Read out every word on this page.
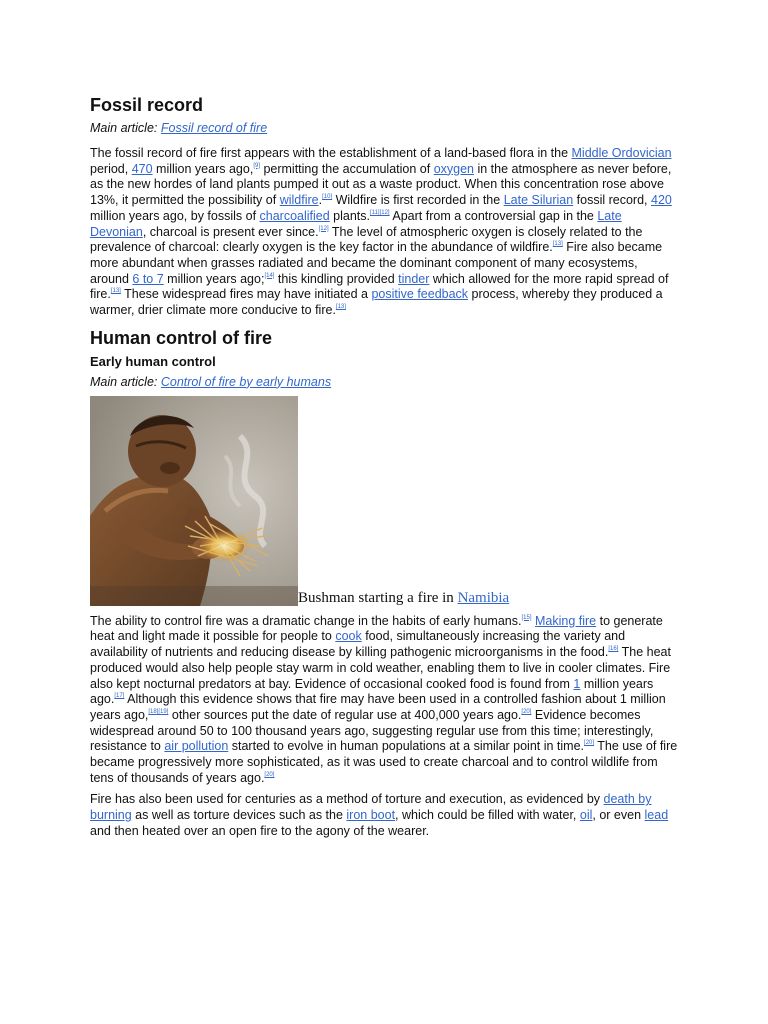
Fossil record

Main article: Fossil record of fire

The fossil record of fire first appears with the establishment of a land-based flora in the Middle Ordovician period, 470 million years ago,[9] permitting the accumulation of oxygen in the atmosphere as never before, as the new hordes of land plants pumped it out as a waste product. When this concentration rose above 13%, it permitted the possibility of wildfire.[10] Wildfire is first recorded in the Late Silurian fossil record, 420 million years ago, by fossils of charcoalified plants.[11][12] Apart from a controversial gap in the Late Devonian, charcoal is present ever since.[12] The level of atmospheric oxygen is closely related to the prevalence of charcoal: clearly oxygen is the key factor in the abundance of wildfire.[13] Fire also became more abundant when grasses radiated and became the dominant component of many ecosystems, around 6 to 7 million years ago;[14] this kindling provided tinder which allowed for the more rapid spread of fire.[13] These widespread fires may have initiated a positive feedback process, whereby they produced a warmer, drier climate more conducive to fire.[13]

Human control of fire
Early human control

Main article: Control of fire by early humans

Bushman starting a fire in Namibia

The ability to control fire was a dramatic change in the habits of early humans.[15] Making fire to generate heat and light made it possible for people to cook food, simultaneously increasing the variety and availability of nutrients and reducing disease by killing pathogenic microorganisms in the food.[16] The heat produced would also help people stay warm in cold weather, enabling them to live in cooler climates. Fire also kept nocturnal predators at bay. Evidence of occasional cooked food is found from 1 million years ago.[17] Although this evidence shows that fire may have been used in a controlled fashion about 1 million years ago,[18][19] other sources put the date of regular use at 400,000 years ago.[20] Evidence becomes widespread around 50 to 100 thousand years ago, suggesting regular use from this time; interestingly, resistance to air pollution started to evolve in human populations at a similar point in time.[20] The use of fire became progressively more sophisticated, as it was used to create charcoal and to control wildlife from tens of thousands of years ago.[20]

Fire has also been used for centuries as a method of torture and execution, as evidenced by death by burning as well as torture devices such as the iron boot, which could be filled with water, oil, or even lead and then heated over an open fire to the agony of the wearer.
